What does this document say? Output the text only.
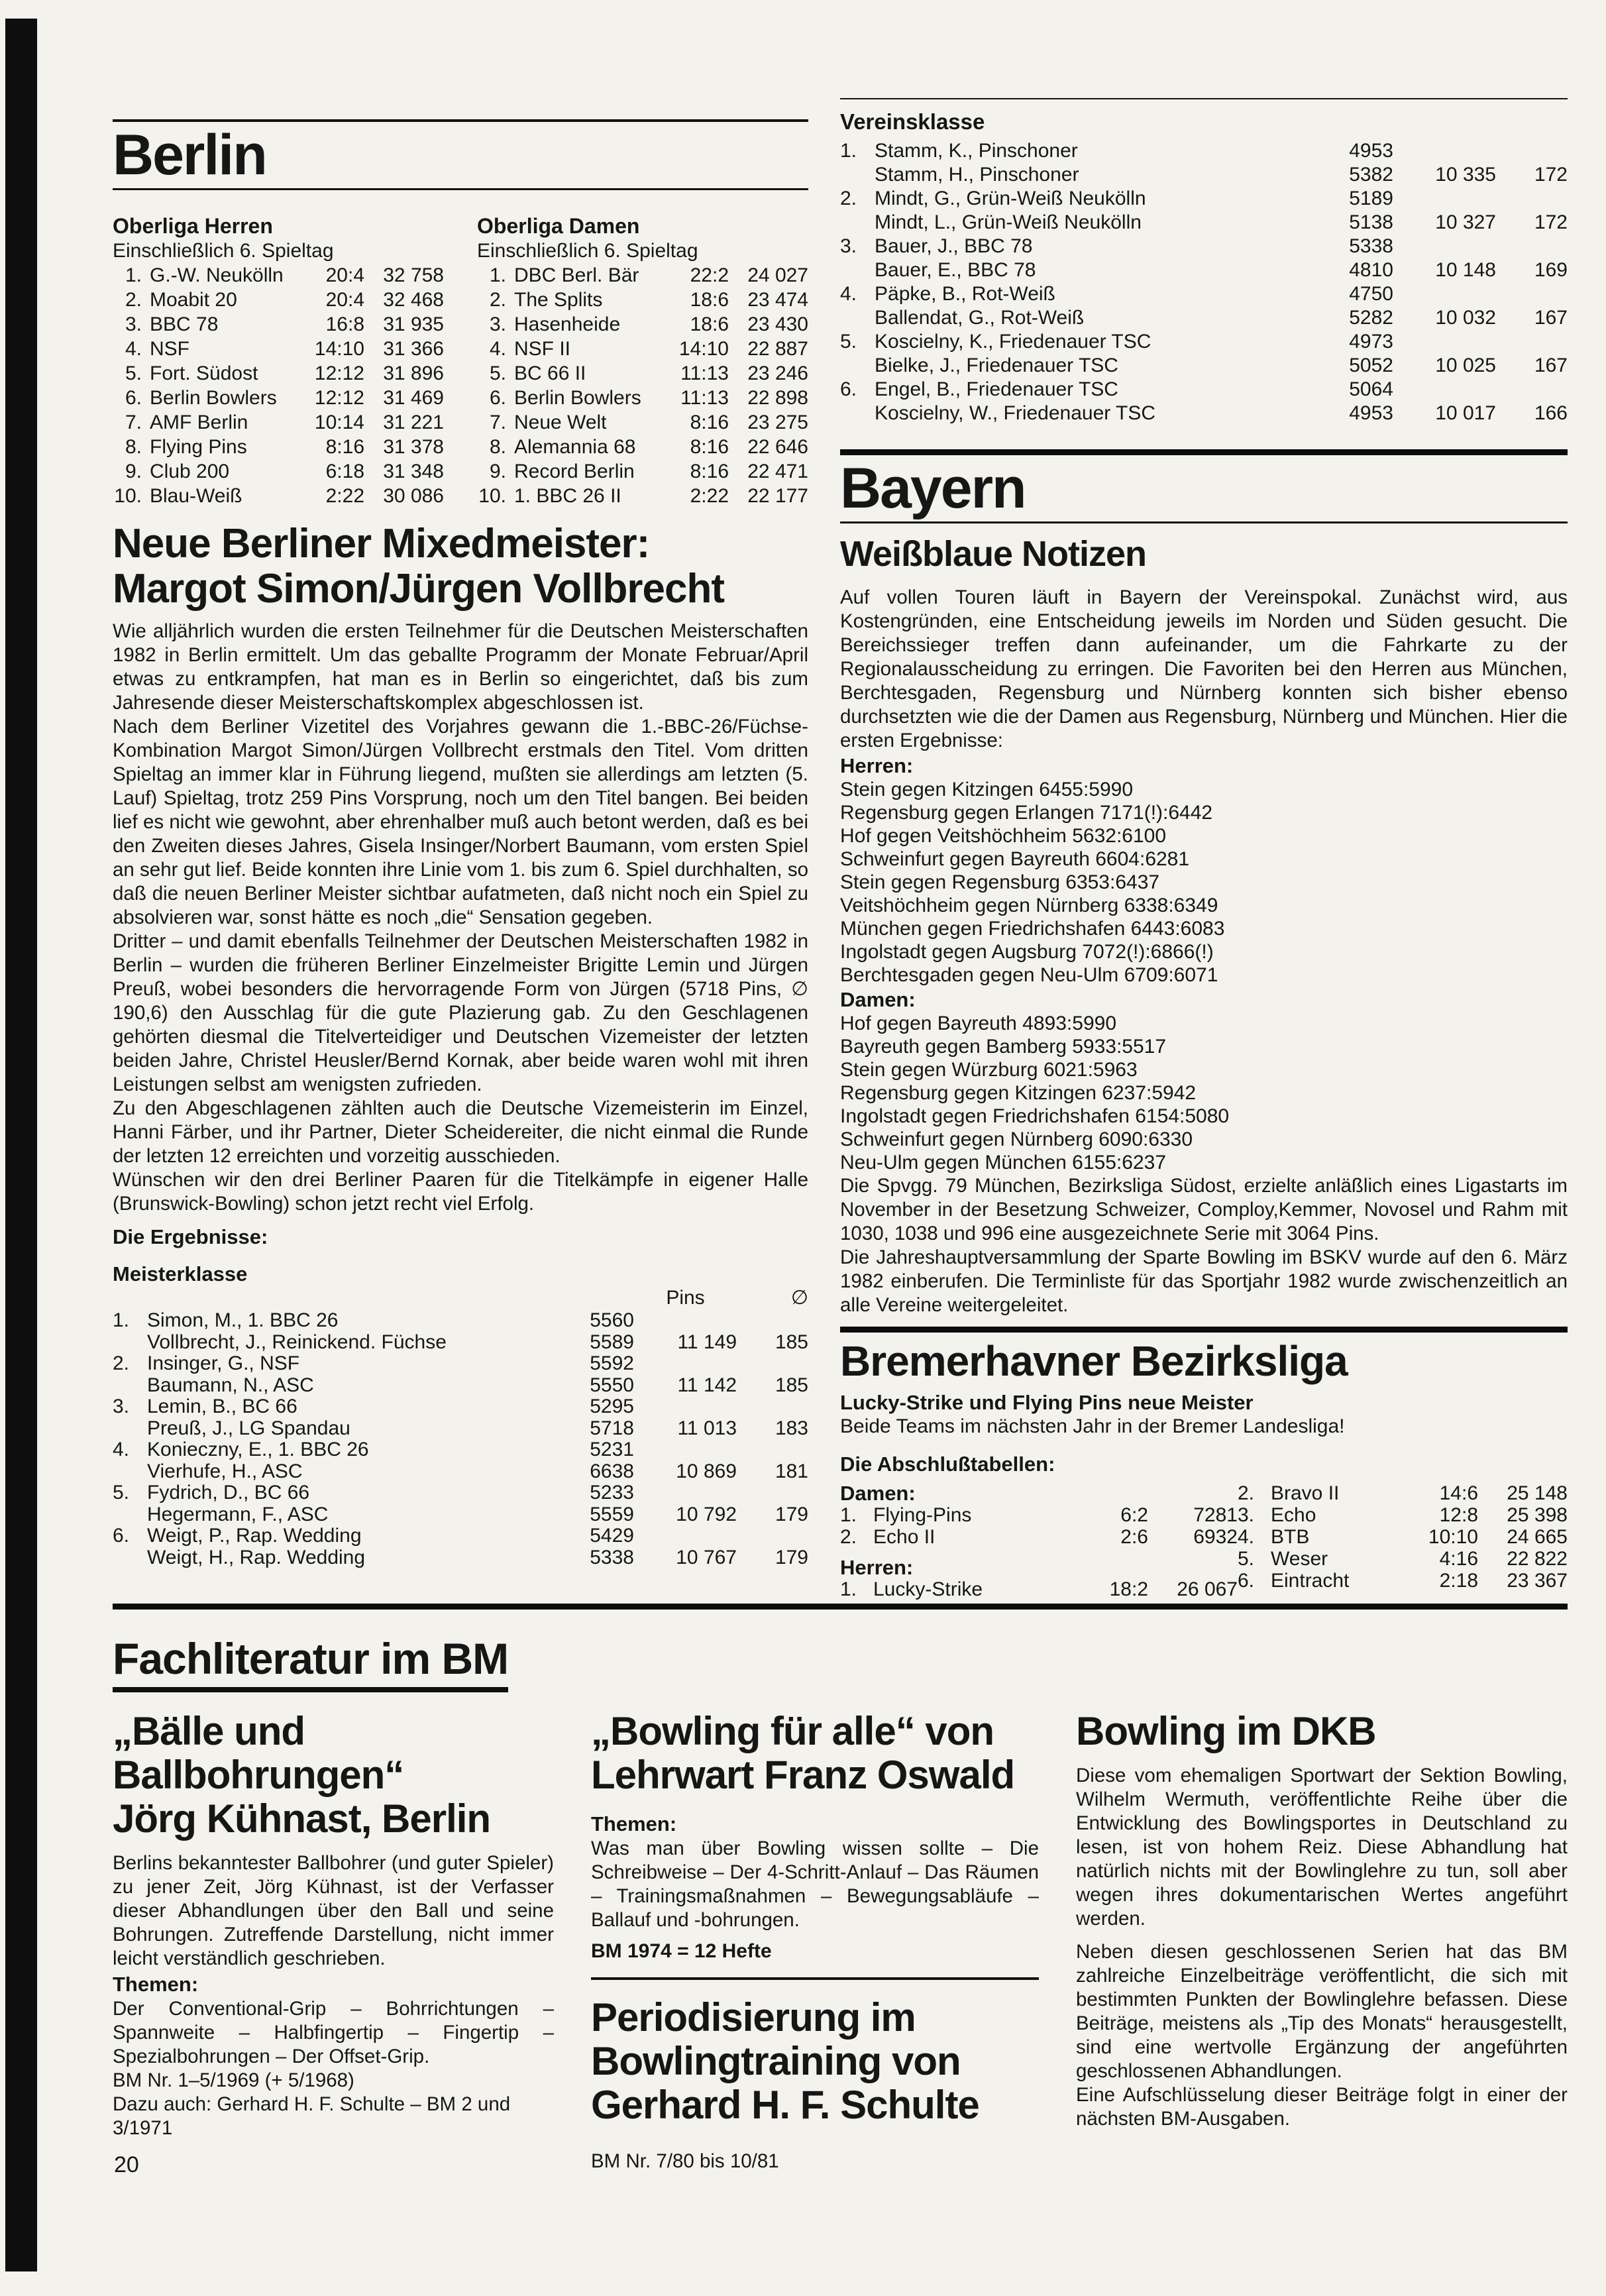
Berlin
Oberliga Herren
Einschließlich 6. Spieltag
1. G.-W. Neukölln	20:4 32 758
2. Moabit 20	20:4 32 468
3. BBC 78	16:8 31 935
4. NSF	14:10 31 366
5. Fort. Südost	12:12 31 896
6. Berlin Bowlers	12:12 31 469
7. AMF Berlin	10:14 31 221
8. Flying Pins	8:16 31 378
9. Club 200	6:18 31 348
10. Blau-Weiß	2:22 30 086
Oberliga Damen
Einschließlich 6. Spieltag
1. DBC Berl. Bär	22:2 24 027
2. The Splits	18:6 23 474
3. Hasenheide	18:6 23 430
4. NSF II	14:10 22 887
5. BC 66 II	11:13 23 246
6. Berlin Bowlers	11:13 22 898
7. Neue Welt	8:16 23 275
8. Alemannia 68	8:16 22 646
9. Record Berlin	8:16 22 471
10. 1. BBC 26 II	2:22 22 177
Neue Berliner Mixedmeister:
Margot Simon/Jürgen Vollbrecht

Wie alljährlich wurden die ersten Teilnehmer für die Deutschen Meisterschaften 1982 in Berlin ermittelt. Um das geballte Programm der Monate Februar/April etwas zu entkrampfen, hat man es in Berlin so eingerichtet, daß bis zum Jahresende dieser Meisterschaftskomplex abgeschlossen ist.

Nach dem Berliner Vizetitel des Vorjahres gewann die 1.-BBC-26/Füchse-Kombination Margot Simon/Jürgen Vollbrecht erstmals den Titel. Vom dritten Spieltag an immer klar in Führung liegend, mußten sie allerdings am letzten (5. Lauf) Spieltag, trotz 259 Pins Vorsprung, noch um den Titel bangen. Bei beiden lief es nicht wie gewohnt, aber ehrenhalber muß auch betont werden, daß es bei den Zweiten dieses Jahres, Gisela Insinger/Norbert Baumann, vom ersten Spiel an sehr gut lief. Beide konnten ihre Linie vom 1. bis zum 6. Spiel durchhalten, so daß die neuen Berliner Meister sichtbar aufatmeten, daß nicht noch ein Spiel zu absolvieren war, sonst hätte es noch „die“ Sensation gegeben.

Dritter – und damit ebenfalls Teilnehmer der Deutschen Meisterschaften 1982 in Berlin – wurden die früheren Berliner Einzelmeister Brigitte Lemin und Jürgen Preuß, wobei besonders die hervorragende Form von Jürgen (5718 Pins, ∅ 190,6) den Ausschlag für die gute Plazierung gab. Zu den Geschlagenen gehörten diesmal die Titelverteidiger und Deutschen Vizemeister der letzten beiden Jahre, Christel Heusler/Bernd Kornak, aber beide waren wohl mit ihren Leistungen selbst am wenigsten zufrieden.

Zu den Abgeschlagenen zählten auch die Deutsche Vizemeisterin im Einzel, Hanni Färber, und ihr Partner, Dieter Scheidereiter, die nicht einmal die Runde der letzten 12 erreichten und vorzeitig ausschieden.

Wünschen wir den drei Berliner Paaren für die Titelkämpfe in eigener Halle (Brunswick-Bowling) schon jetzt recht viel Erfolg.

Die Ergebnisse:
Meisterklasse
Pins	∅
1. Simon, M., 1. BBC 26	5560
Vollbrecht, J., Reinickend. Füchse	5589	11 149	185
2. Insinger, G., NSF	5592
Baumann, N., ASC	5550	11 142	185
3. Lemin, B., BC 66	5295
Preuß, J., LG Spandau	5718	11 013	183
4. Konieczny, E., 1. BBC 26	5231
Vierhufe, H., ASC	6638	10 869	181
5. Fydrich, D., BC 66	5233
Hegermann, F., ASC	5559	10 792	179
6. Weigt, P., Rap. Wedding	5429
Weigt, H., Rap. Wedding	5338	10 767	179
Vereinsklasse
1. Stamm, K., Pinschoner	4953
Stamm, H., Pinschoner	5382	10 335	172
2. Mindt, G., Grün-Weiß Neukölln	5189
Mindt, L., Grün-Weiß Neukölln	5138	10 327	172
3. Bauer, J., BBC 78	5338
Bauer, E., BBC 78	4810	10 148	169
4. Päpke, B., Rot-Weiß	4750
Ballendat, G., Rot-Weiß	5282	10 032	167
5. Koscielny, K., Friedenauer TSC	4973
Bielke, J., Friedenauer TSC	5052	10 025	167
6. Engel, B., Friedenauer TSC	5064
Koscielny, W., Friedenauer TSC	4953	10 017	166
Bayern
Weißblaue Notizen

Auf vollen Touren läuft in Bayern der Vereinspokal. Zunächst wird, aus Kostengründen, eine Entscheidung jeweils im Norden und Süden gesucht. Die Bereichssieger treffen dann aufeinander, um die Fahrkarte zu der Regionalausscheidung zu erringen. Die Favoriten bei den Herren aus München, Berchtesgaden, Regensburg und Nürnberg konnten sich bisher ebenso durchsetzten wie die der Damen aus Regensburg, Nürnberg und München. Hier die ersten Ergebnisse:

Herren:
Stein gegen Kitzingen 6455:5990
Regensburg gegen Erlangen 7171(!):6442
Hof gegen Veitshöchheim 5632:6100
Schweinfurt gegen Bayreuth 6604:6281
Stein gegen Regensburg 6353:6437
Veitshöchheim gegen Nürnberg 6338:6349
München gegen Friedrichshafen 6443:6083
Ingolstadt gegen Augsburg 7072(!):6866(!)
Berchtesgaden gegen Neu-Ulm 6709:6071
Damen:
Hof gegen Bayreuth 4893:5990
Bayreuth gegen Bamberg 5933:5517
Stein gegen Würzburg 6021:5963
Regensburg gegen Kitzingen 6237:5942
Ingolstadt gegen Friedrichshafen 6154:5080
Schweinfurt gegen Nürnberg 6090:6330
Neu-Ulm gegen München 6155:6237

Die Spvgg. 79 München, Bezirksliga Südost, erzielte anläßlich eines Ligastarts im November in der Besetzung Schweizer, Comploy,Kemmer, Novosel und Rahm mit 1030, 1038 und 996 eine ausgezeichnete Serie mit 3064 Pins.

Die Jahreshauptversammlung der Sparte Bowling im BSKV wurde auf den 6. März 1982 einberufen. Die Terminliste für das Sportjahr 1982 wurde zwischenzeitlich an alle Vereine weitergeleitet.

Bremerhavner Bezirksliga
Lucky-Strike und Flying Pins neue Meister
Beide Teams im nächsten Jahr in der Bremer Landesliga!
Die Abschlußtabellen:
Damen:
1. Flying-Pins	6:2	7281
2. Echo II	2:6	6932
Herren:
1. Lucky-Strike	18:2	26 067
2. Bravo II	14:6	25 148
3. Echo	12:8	25 398
4. BTB	10:10	24 665
5. Weser	4:16	22 822
6. Eintracht	2:18	23 367
Fachliteratur im BM
„Bälle und
Ballbohrungen“
Jörg Kühnast, Berlin

Berlins bekanntester Ballbohrer (und guter Spieler) zu jener Zeit, Jörg Kühnast, ist der Verfasser dieser Abhandlungen über den Ball und seine Bohrungen. Zutreffende Darstellung, nicht immer leicht verständlich geschrieben.

Themen:

Der Conventional-Grip – Bohrrichtungen – Spannweite – Halbfingertip – Fingertip – Spezialbohrungen – Der Offset-Grip.

BM Nr. 1–5/1969 (+ 5/1968)
Dazu auch: Gerhard H. F. Schulte – BM 2 und 3/1971
„Bowling für alle“ von
Lehrwart Franz Oswald
Themen:

Was man über Bowling wissen sollte – Die Schreibweise – Der 4-Schritt-Anlauf – Das Räumen – Trainingsmaßnahmen – Bewegungsabläufe – Ballauf und -bohrungen.

BM 1974 = 12 Hefte
Periodisierung im
Bowlingtraining von
Gerhard H. F. Schulte
BM Nr. 7/80 bis 10/81
Bowling im DKB

Diese vom ehemaligen Sportwart der Sektion Bowling, Wilhelm Wermuth, veröffentlichte Reihe über die Entwicklung des Bowlingsportes in Deutschland zu lesen, ist von hohem Reiz. Diese Abhandlung hat natürlich nichts mit der Bowlinglehre zu tun, soll aber wegen ihres dokumentarischen Wertes angeführt werden.

Neben diesen geschlossenen Serien hat das BM zahlreiche Einzelbeiträge veröffentlicht, die sich mit bestimmten Punkten der Bowlinglehre befassen. Diese Beiträge, meistens als „Tip des Monats“ herausgestellt, sind eine wertvolle Ergänzung der angeführten geschlossenen Abhandlungen.

Eine Aufschlüsselung dieser Beiträge folgt in einer der nächsten BM-Ausgaben.

20
